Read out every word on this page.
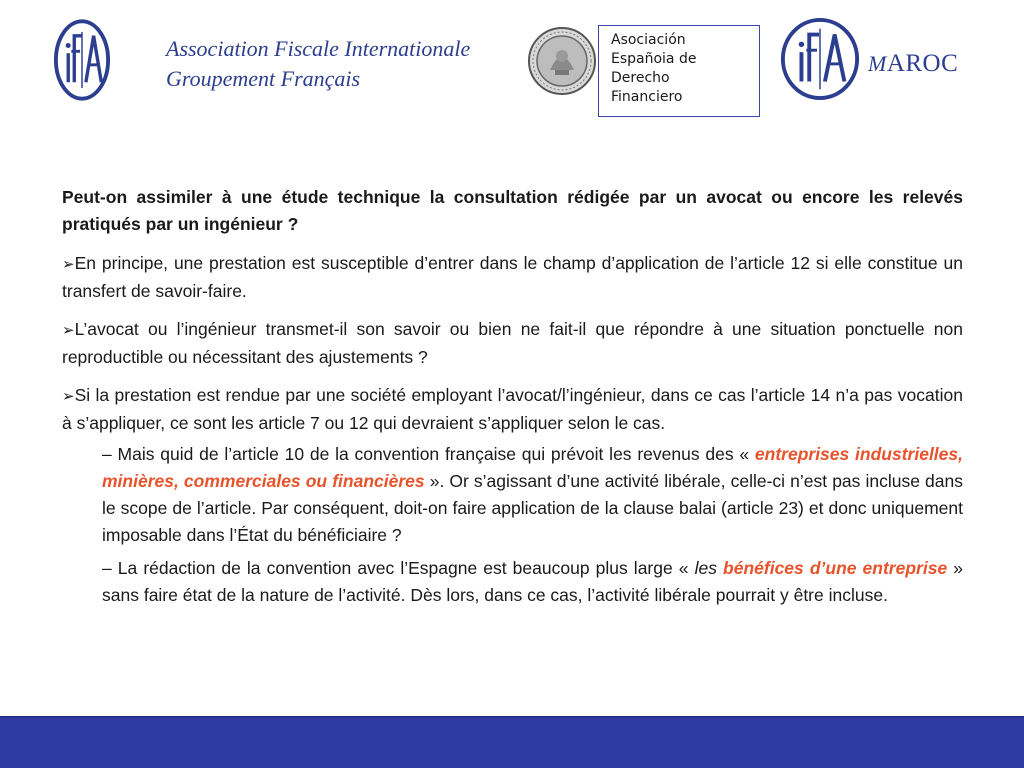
Association Fiscale Internationale
Groupement Français
Asociación
Españoia de
Derecho
Financiero
MAROC

Peut-on assimiler à une étude technique la consultation rédigée par un avocat ou encore les relevés pratiqués par un ingénieur ?

➢En principe, une prestation est susceptible d’entrer dans le champ d’application de l’article 12 si elle constitue un transfert de savoir-faire.

➢L’avocat ou l’ingénieur transmet-il son savoir ou bien ne fait-il que répondre à une situation ponctuelle non reproductible ou nécessitant des ajustements ?

➢Si la prestation est rendue par une société employant l’avocat/l’ingénieur, dans ce cas l’article 14 n’a pas vocation à s’appliquer, ce sont les article 7 ou 12 qui devraient s’appliquer selon le cas.

– Mais quid de l’article 10 de la convention française qui prévoit les revenus des « entreprises industrielles, minières, commerciales ou financières ». Or s’agissant d’une activité libérale, celle-ci n’est pas incluse dans le scope de l’article. Par conséquent, doit-on faire application de la clause balai (article 23) et donc uniquement imposable dans l’État du bénéficiaire ?

– La rédaction de la convention avec l’Espagne est beaucoup plus large « les bénéfices d’une entreprise » sans faire état de la nature de l’activité. Dès lors, dans ce cas, l’activité libérale pourrait y être incluse.
